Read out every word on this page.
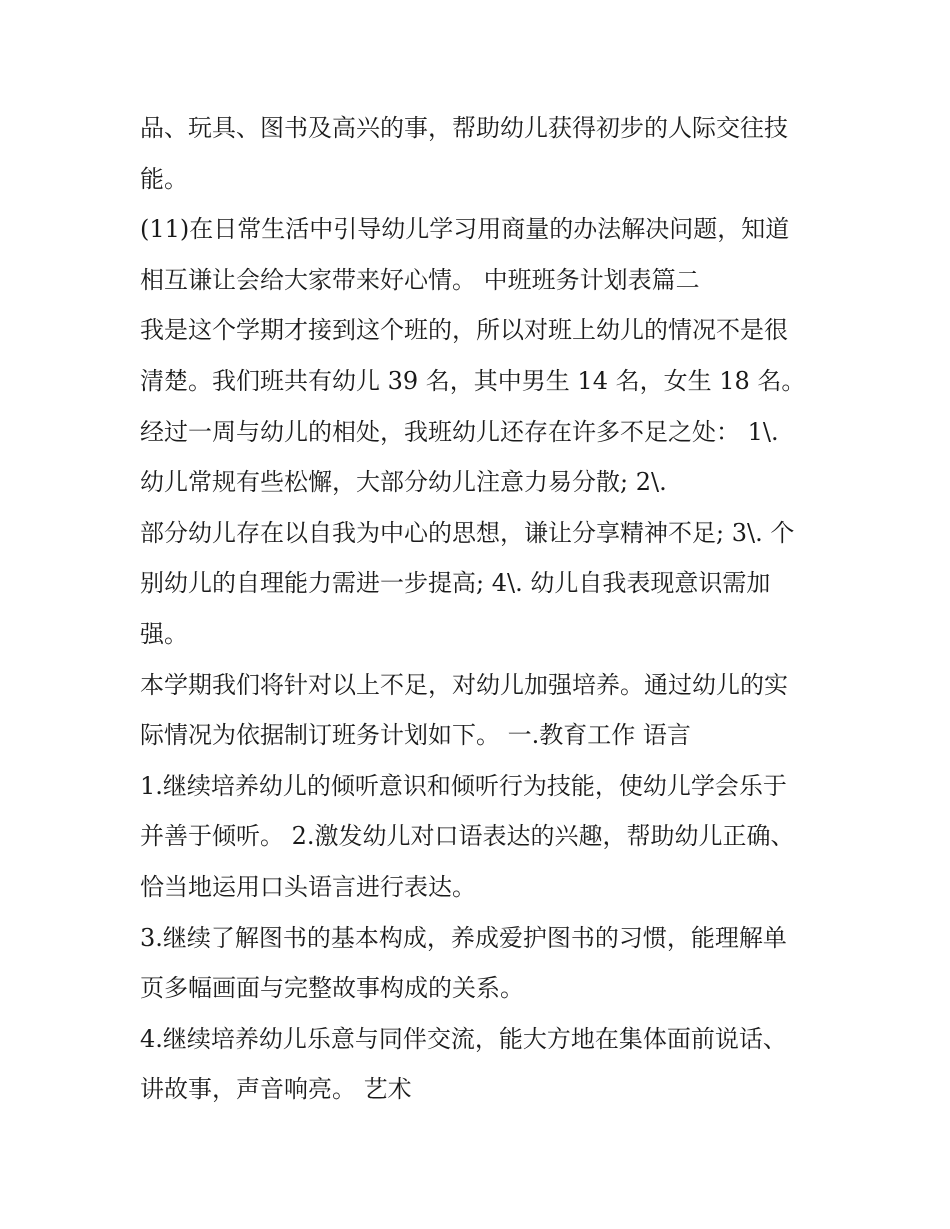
品、玩具、图书及高兴的事，帮助幼儿获得初步的人际交往技
能。
(11)在日常生活中引导幼儿学习用商量的办法解决问题，知道
相互谦让会给大家带来好心情。 中班班务计划表篇二
我是这个学期才接到这个班的，所以对班上幼儿的情况不是很
清楚。我们班共有幼儿 39 名，其中男生 14 名，女生 18 名。
经过一周与幼儿的相处，我班幼儿还存在许多不足之处： 1\.
幼儿常规有些松懈，大部分幼儿注意力易分散; 2\.
部分幼儿存在以自我为中心的思想，谦让分享精神不足; 3\. 个
别幼儿的自理能力需进一步提高; 4\. 幼儿自我表现意识需加
强。
本学期我们将针对以上不足，对幼儿加强培养。通过幼儿的实
际情况为依据制订班务计划如下。 一.教育工作 语言
1.继续培养幼儿的倾听意识和倾听行为技能，使幼儿学会乐于
并善于倾听。 2.激发幼儿对口语表达的兴趣，帮助幼儿正确、
恰当地运用口头语言进行表达。
3.继续了解图书的基本构成，养成爱护图书的习惯，能理解单
页多幅画面与完整故事构成的关系。
4.继续培养幼儿乐意与同伴交流，能大方地在集体面前说话、
讲故事，声音响亮。 艺术
